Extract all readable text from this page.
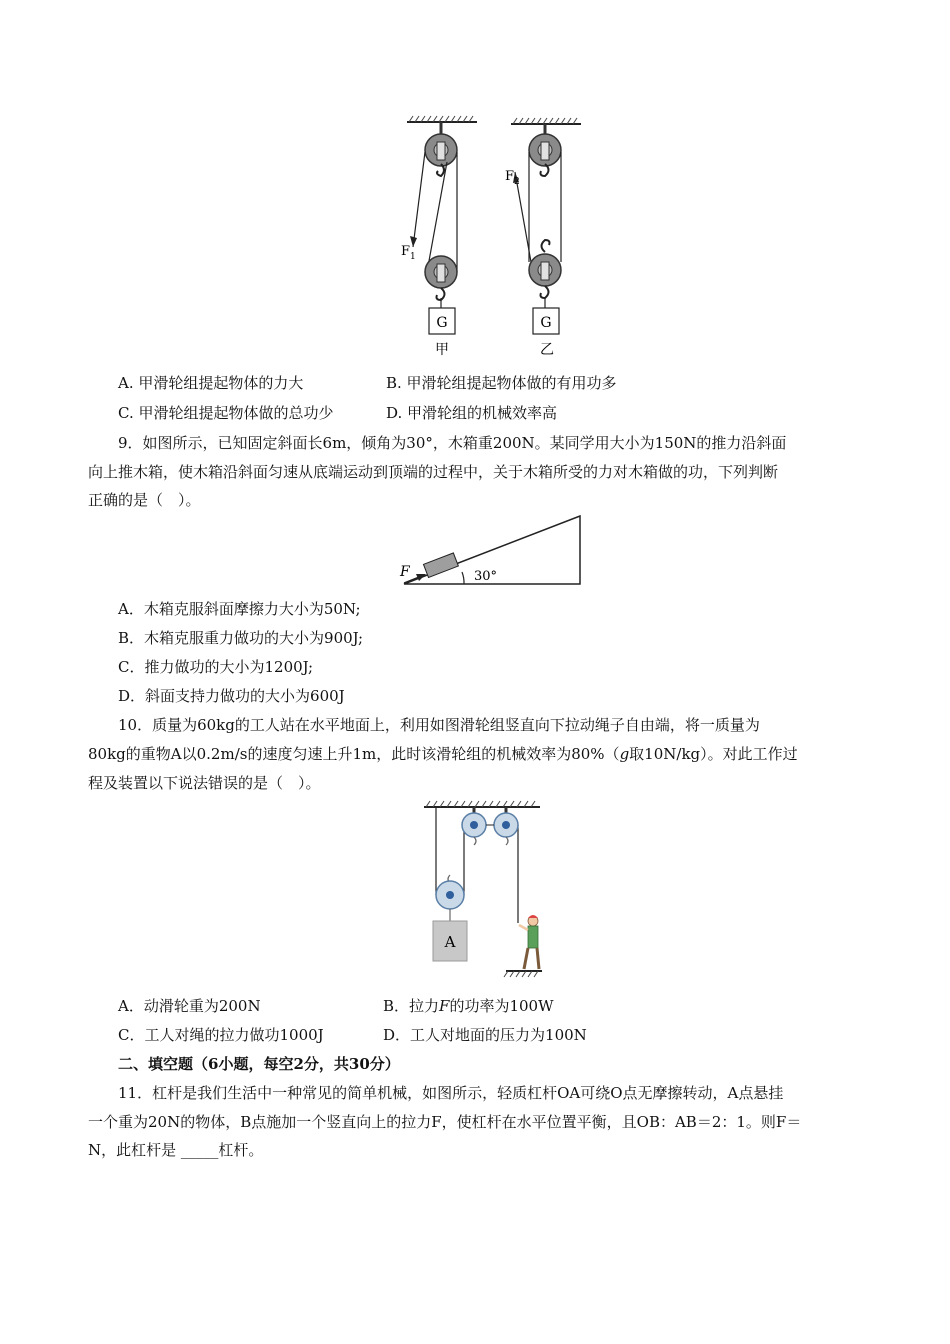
G
F 1
甲
F 2
G
乙
A. 甲滑轮组提起物体的力大	B. 甲滑轮组提起物体做的有用功多
C. 甲滑轮组提起物体做的总功少	D. 甲滑轮组的机械效率高
9．如图所示，已知固定斜面长6m，倾角为30°，木箱重200N。某同学用大小为150N的推力沿斜面
向上推木箱，使木箱沿斜面匀速从底端运动到顶端的过程中，关于木箱所受的力对木箱做的功，下列判断
正确的是（　）。
F	30°
A．木箱克服斜面摩擦力大小为50N;
B．木箱克服重力做功的大小为900J;
C．推力做功的大小为1200J;
D．斜面支持力做功的大小为600J
10．质量为60kg的工人站在水平地面上，利用如图滑轮组竖直向下拉动绳子自由端，将一质量为
80kg的重物A以0.2m/s的速度匀速上升1m，此时该滑轮组的机械效率为80%（g取10N/kg）。对此工作过
程及装置以下说法错误的是（　）。
A
A．动滑轮重为200N	B．拉力F的功率为100W
C．工人对绳的拉力做功1000J	D．工人对地面的压力为100N
二、填空题（6小题，每空2分，共30分）
11．杠杆是我们生活中一种常见的简单机械，如图所示，轻质杠杆OA可绕O点无摩擦转动，A点悬挂
一个重为20N的物体，B点施加一个竖直向上的拉力F，使杠杆在水平位置平衡，且OB：AB＝2：1。则F＝
N，此杠杆是 _____杠杆。
